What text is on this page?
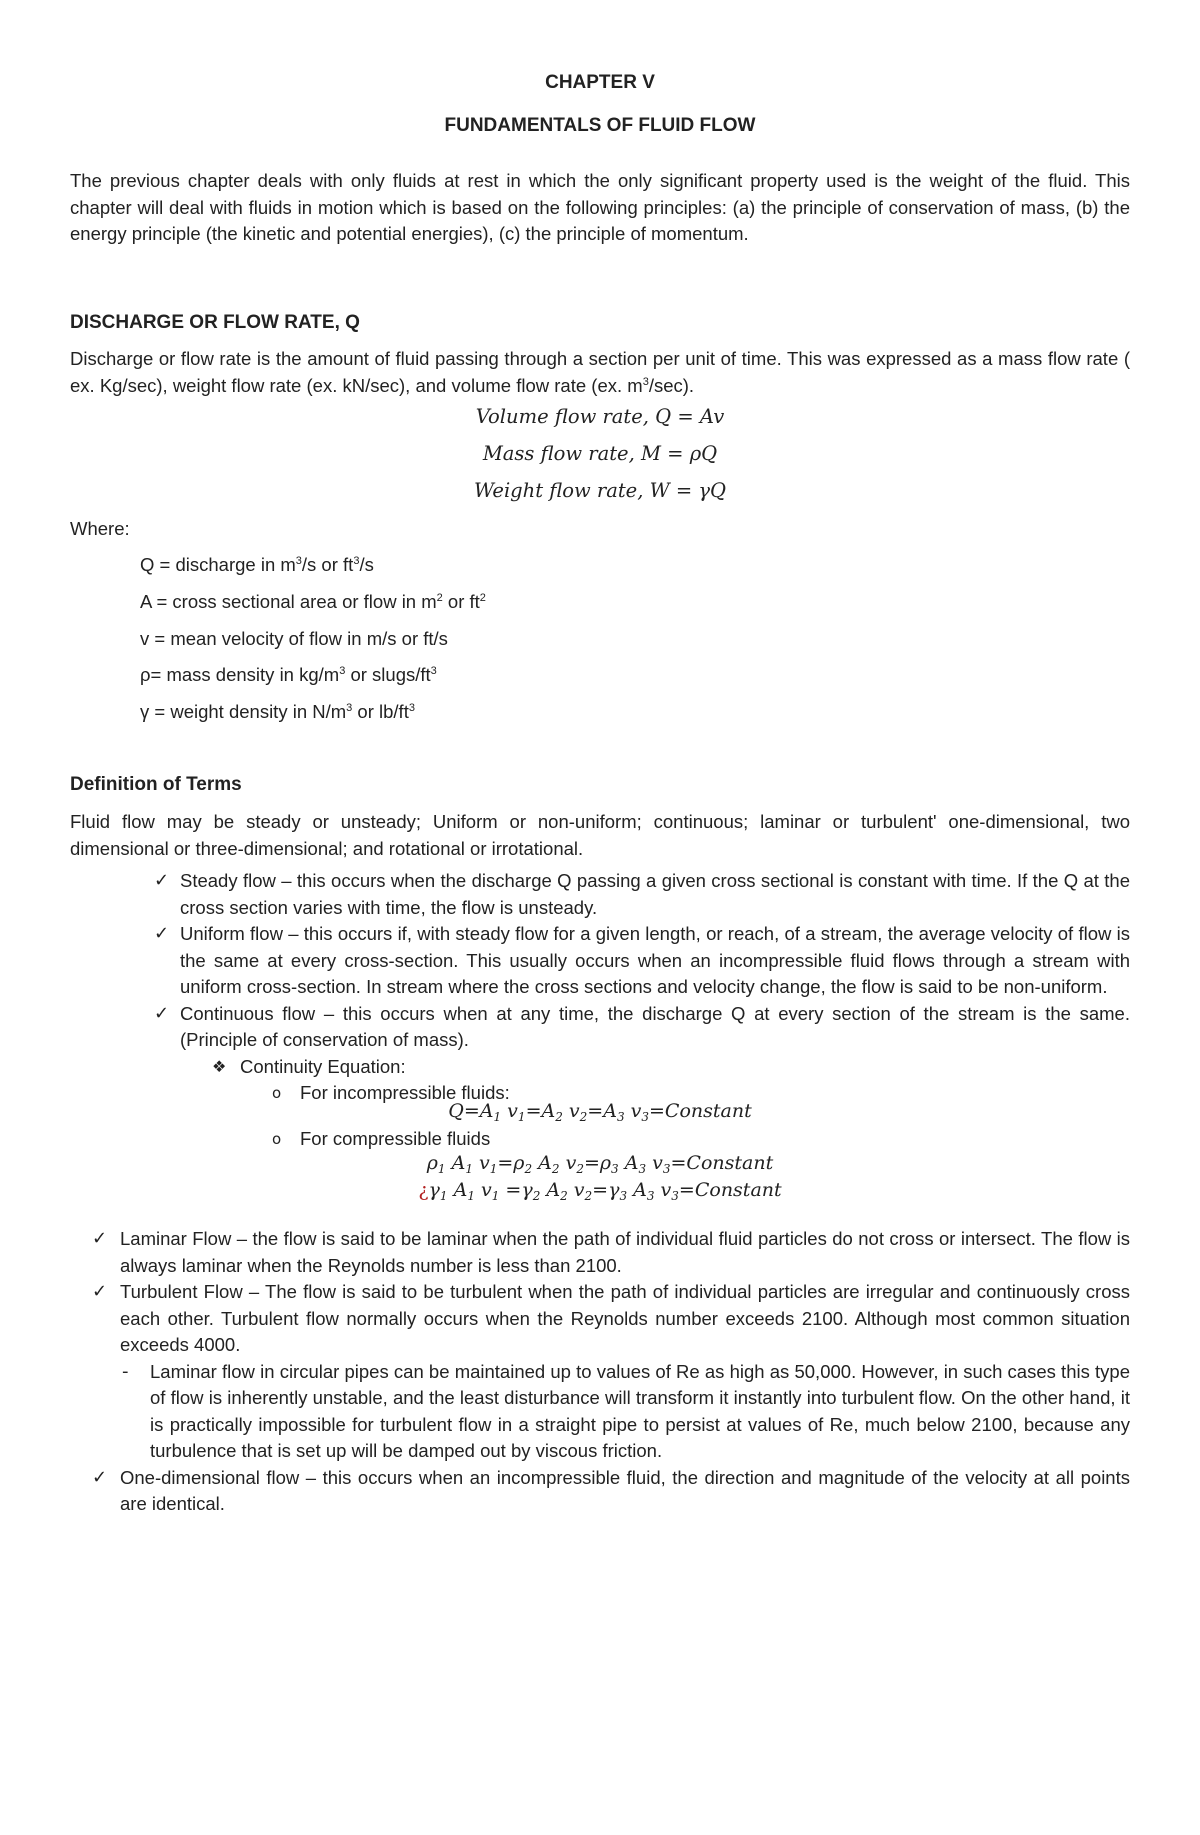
CHAPTER V
FUNDAMENTALS OF FLUID FLOW

The previous chapter deals with only fluids at rest in which the only significant property used is the weight of the fluid. This chapter will deal with fluids in motion which is based on the following principles: (a) the principle of conservation of mass, (b) the energy principle (the kinetic and potential energies), (c) the principle of momentum.

DISCHARGE OR FLOW RATE, Q

Discharge or flow rate is the amount of fluid passing through a section per unit of time. This was expressed as a mass flow rate ( ex. Kg/sec), weight flow rate (ex. kN/sec), and volume flow rate (ex. $m^3/\sec$).

Volume flow rate, Q = Av
Mass flow rate, M = ρQ
Weight flow rate, W = γQ
Where:
Q = discharge in $m^3/s$ or $ft^3/s$
A = cross sectional area or flow in $m^2$ or $ft^2$
v = mean velocity of flow in m/s or ft/s
ρ= mass density in $kg/m^3$ or slugs/$ft^3$
γ = weight density in $N/m^3$ or $lb/ft^3$
Definition of Terms

Fluid flow may be steady or unsteady; Uniform or non-uniform; continuous; laminar or turbulent' one-dimensional, two dimensional or three-dimensional; and rotational or irrotational.

✓ Steady flow – this occurs when the discharge Q passing a given cross sectional is constant with time. If the Q at the cross section varies with time, the flow is unsteady.
✓ Uniform flow – this occurs if, with steady flow for a given length, or reach, of a stream, the average velocity of flow is the same at every cross-section. This usually occurs when an incompressible fluid flows through a stream with uniform cross-section. In stream where the cross sections and velocity change, the flow is said to be non-uniform.
✓ Continuous flow – this occurs when at any time, the discharge Q at every section of the stream is the same. (Principle of conservation of mass).
❖ Continuity Equation:
o For incompressible fluids:
$Q=A_1$ $v_1=A_2$ $v_2=A_3$ $v_3=Constant$
o For compressible fluids
$\rho_1$ $A_1$ $v_1=\rho_2$ $A_2$ $v_2=\rho_3$ $A_3$ $v_3=Constant$
¿$\gamma_1$ $A_1$ $v_1 =\gamma_2$ $A_2$ $v_2=\gamma_3$ $A_3$ $v_3=Constant$
✓ Laminar Flow – the flow is said to be laminar when the path of individual fluid particles do not cross or intersect. The flow is always laminar when the Reynolds number is less than 2100.
✓ Turbulent Flow – The flow is said to be turbulent when the path of individual particles are irregular and continuously cross each other. Turbulent flow normally occurs when the Reynolds number exceeds 2100. Although most common situation exceeds 4000.
- Laminar flow in circular pipes can be maintained up to values of Re as high as 50,000. However, in such cases this type of flow is inherently unstable, and the least disturbance will transform it instantly into turbulent flow. On the other hand, it is practically impossible for turbulent flow in a straight pipe to persist at values of Re, much below 2100, because any turbulence that is set up will be damped out by viscous friction.
✓ One-dimensional flow – this occurs when an incompressible fluid, the direction and magnitude of the velocity at all points are identical.
